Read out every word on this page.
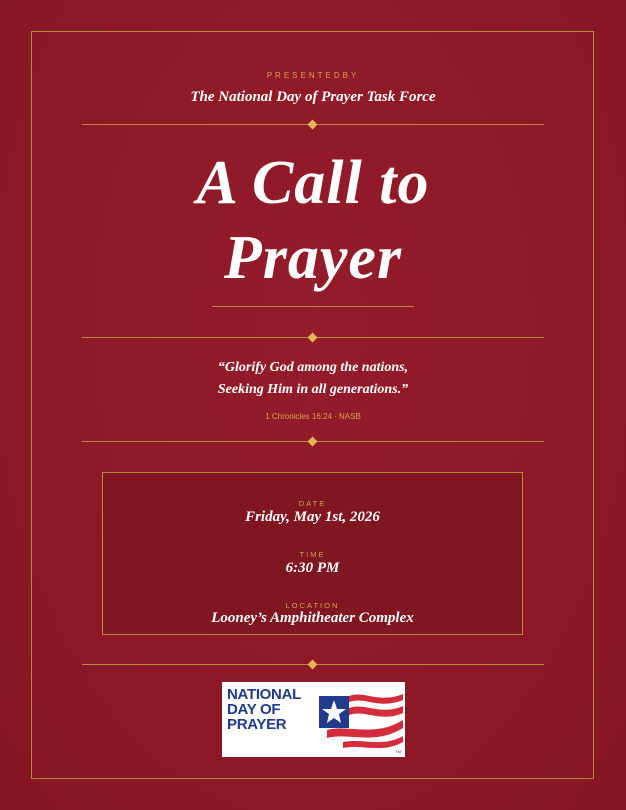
PRESENTEDBY
The National Day of Prayer Task Force
A Call to
Prayer
“Glorify God among the nations,
Seeking Him in all generations.”
1 Chronicles 16:24 · NASB
DATE
Friday, May 1st, 2026
TIME
6:30 PM
LOCATION
Looney’s Amphitheater Complex
NATIONAL
DAY OF
PRAYER
TM
